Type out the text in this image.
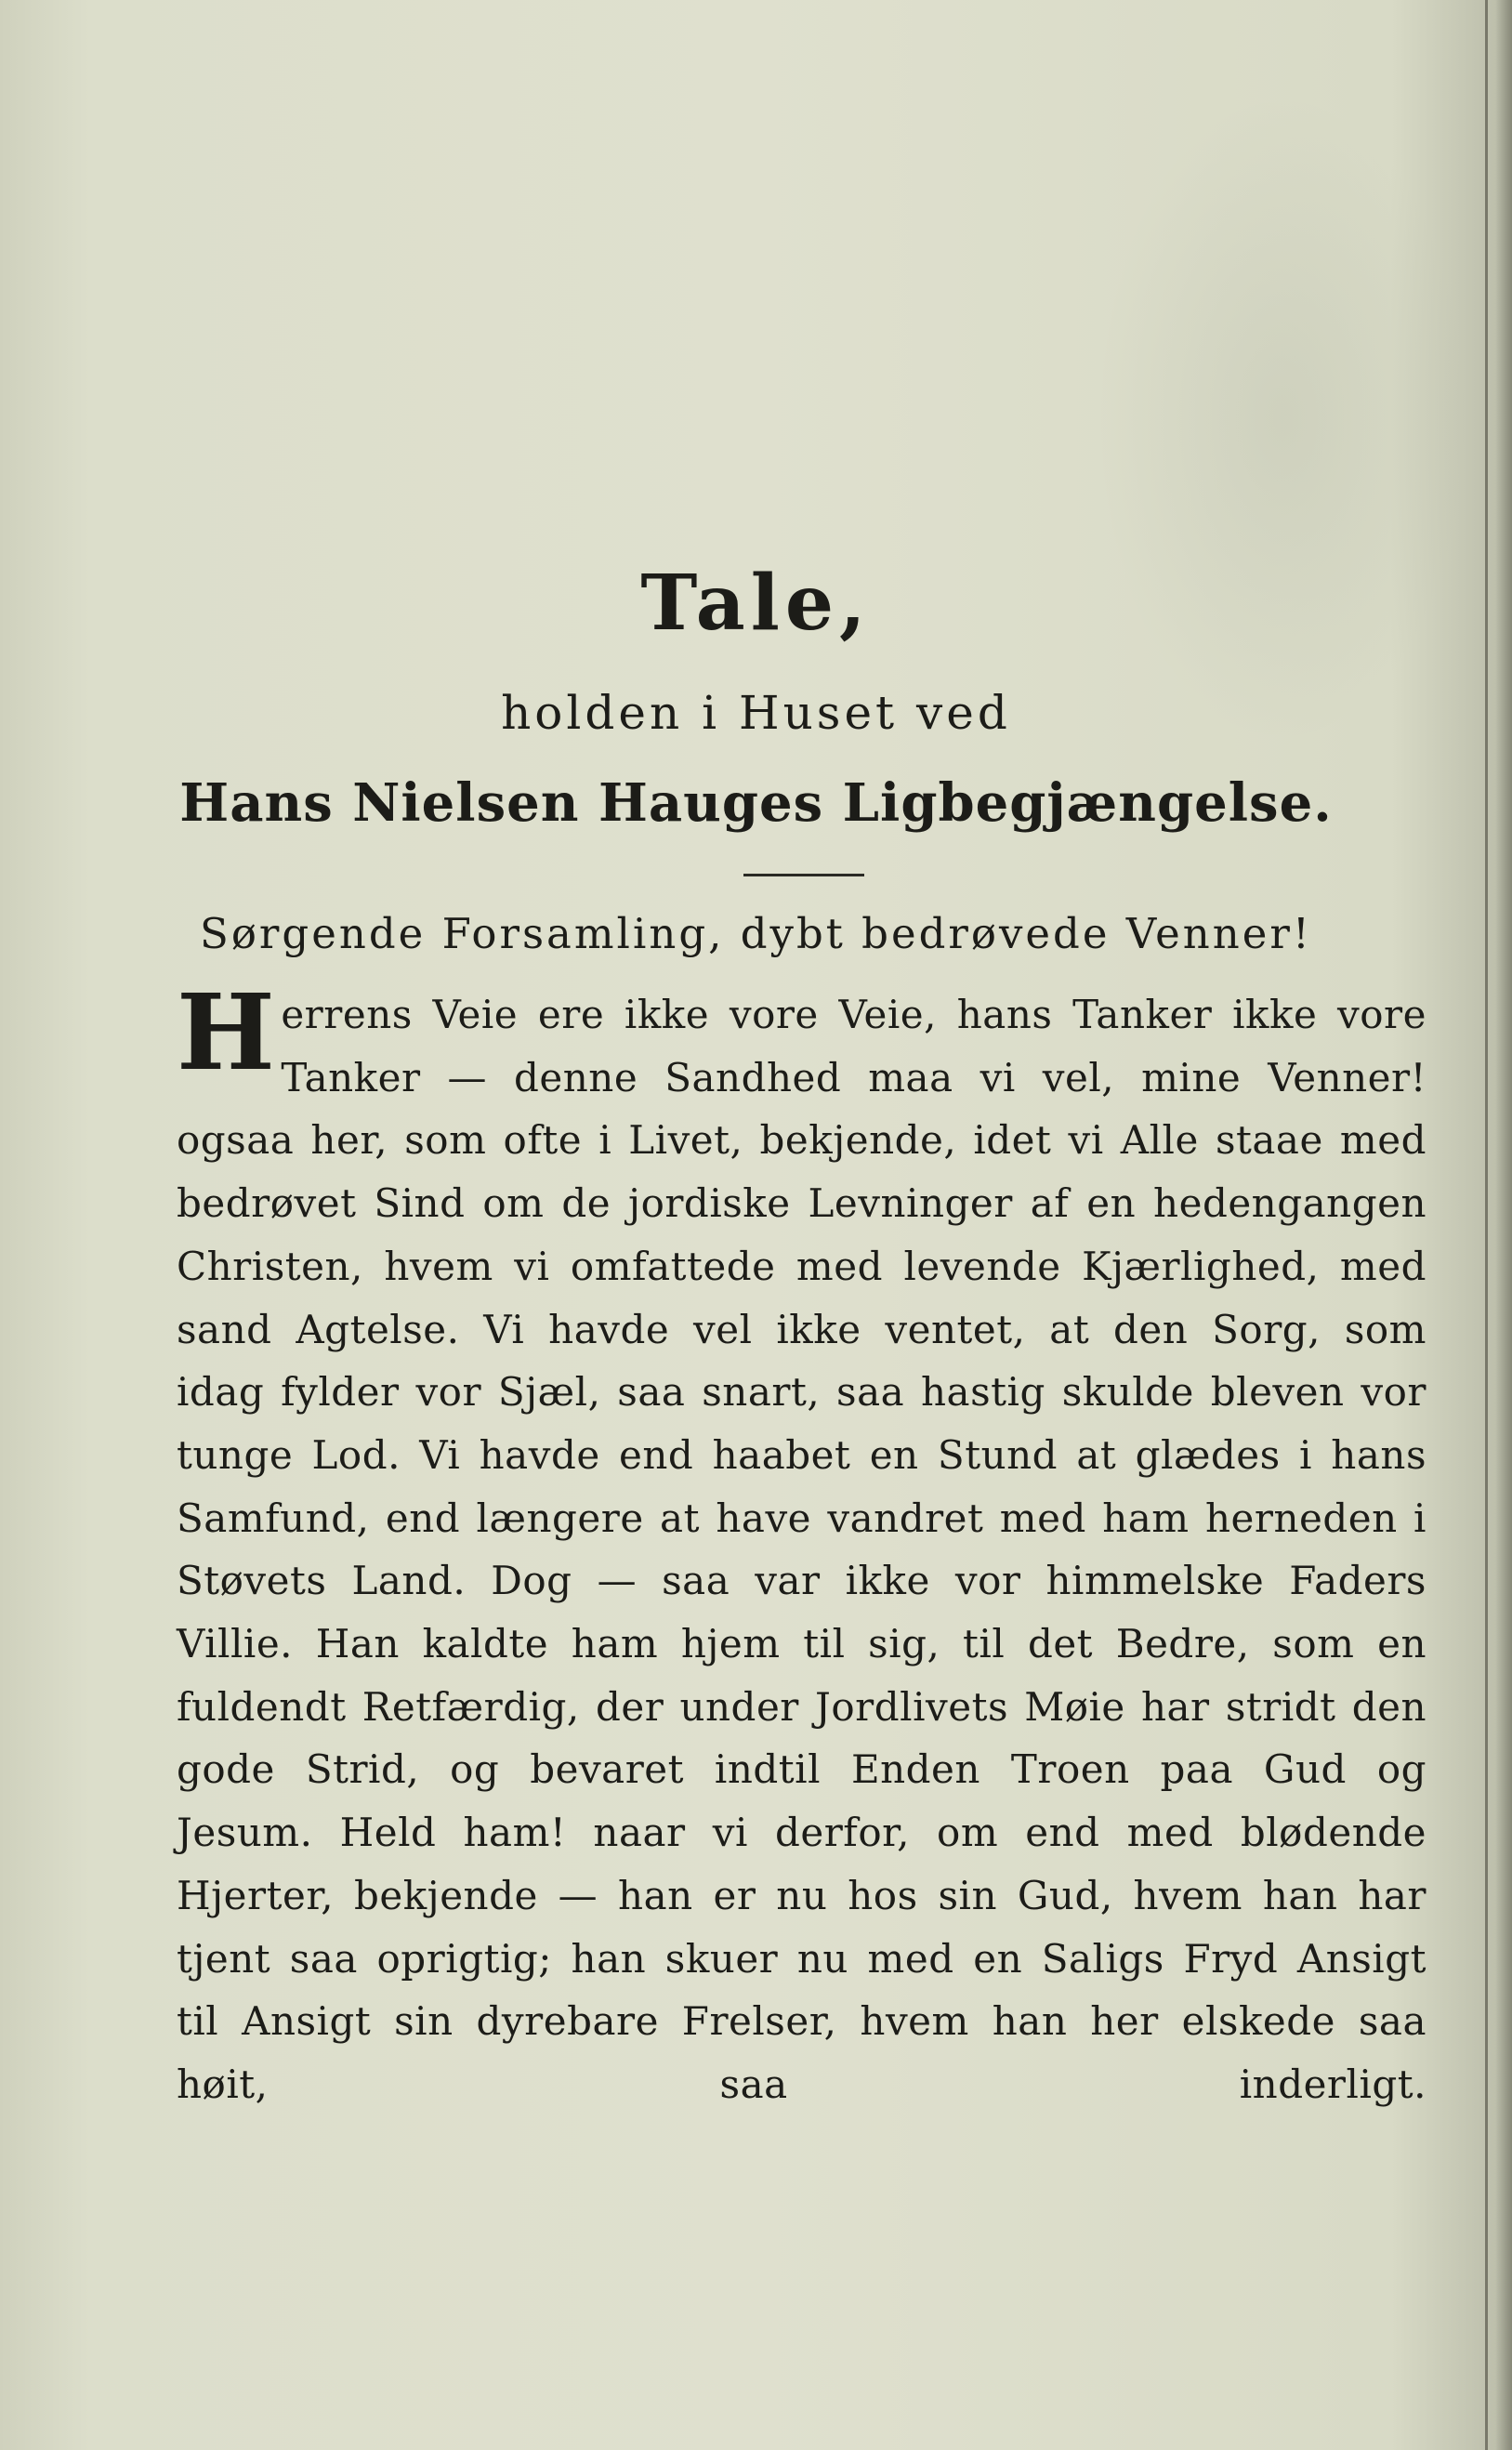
Tale,
holden i Huset ved
Hans Nielsen Hauges Ligbegjængelse.
Sørgende Forsamling, dybt bedrøvede Venner!
H errens Veie ere ikke vore Veie, hans Tanker ikke vore Tanker — denne Sandhed maa vi vel, mine Venner! ogsaa her, som ofte i Livet, bekjende, idet vi Alle staae med bedrøvet Sind om de jordiske Levninger af en hedengangen Christen, hvem vi omfattede med levende Kjærlighed, med sand Agtelse. Vi havde vel ikke ventet, at den Sorg, som idag fylder vor Sjæl, saa snart, saa hastig skulde bleven vor tunge Lod. Vi havde end haabet en Stund at glædes i hans Samfund, end længere at have vandret med ham herneden i Støvets Land. Dog — saa var ikke vor himmelske Faders Villie. Han kaldte ham hjem til sig, til det Bedre, som en fuldendt Retfærdig, der under Jordlivets Møie har stridt den gode Strid, og bevaret indtil Enden Troen paa Gud og Jesum. Held ham! naar vi derfor, om end med blødende Hjerter, bekjende — han er nu hos sin Gud, hvem han har tjent saa oprigtig; han skuer nu med en Saligs Fryd Ansigt til Ansigt sin dyrebare Frelser, hvem han her elskede saa høit, saa inderligt.
